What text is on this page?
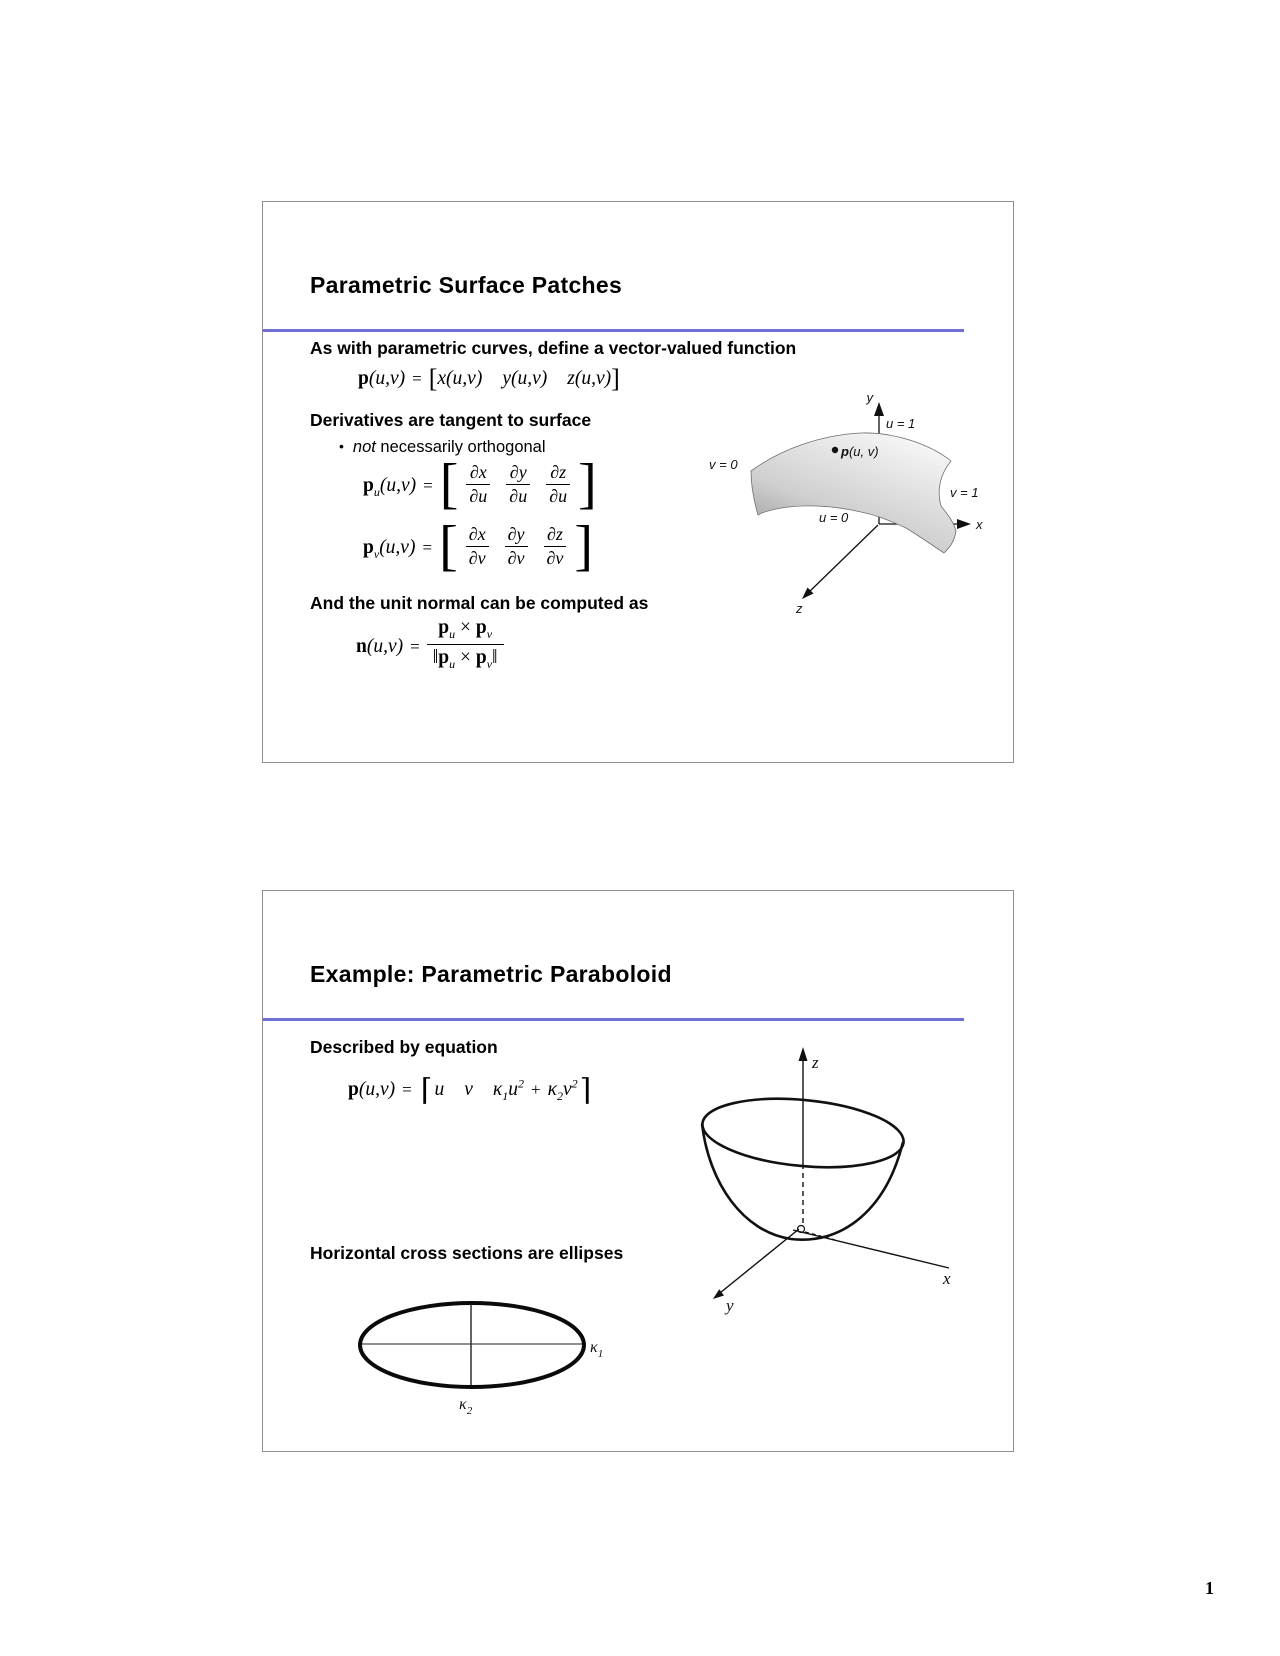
Parametric Surface Patches

As with parametric curves, define a vector-valued function

p(u,v) = [x(u,v) y(u,v) z(u,v)]

Derivatives are tangent to surface

• not necessarily orthogonal

$p_u(u,v)$ = [ $\frac{\partial x}{\partial u} \frac{\partial y}{\partial u} \frac{\partial z}{\partial u}$ ]
$p_v(u,v)$ = [ $\frac{\partial x}{\partial v} \frac{\partial y}{\partial v} \frac{\partial z}{\partial v}$ ]

And the unit normal can be computed as

$n(u,v) = \frac{p_u \times p_v}{‖p_u \times p_v‖}$
y
u = 1
p(u, v)
v = 0
v = 1
u = 0	x
z
Example: Parametric Paraboloid

Described by equation

p(u,v) = ⌈ u v $\kappa_1u^2$ + $\kappa_2v^2⌉$

Horizontal cross sections are ellipses

z
x
y
$\kappa_1$
$\kappa_2$
1
